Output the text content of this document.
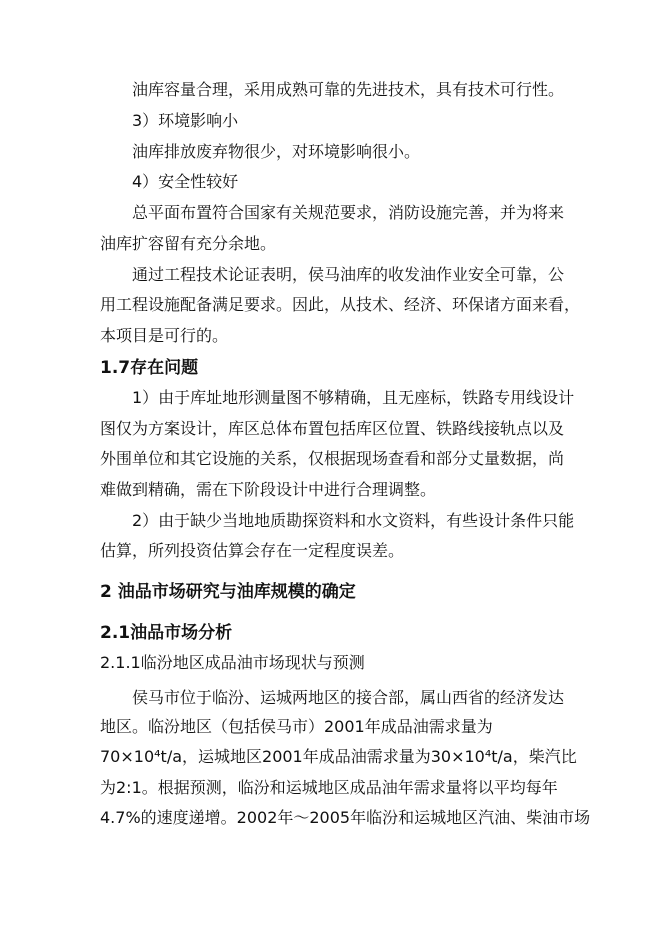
油库容量合理，采用成熟可靠的先进技术，具有技术可行性。

3）环境影响小

油库排放废弃物很少，对环境影响很小。

4）安全性较好

总平面布置符合国家有关规范要求，消防设施完善，并为将来

油库扩容留有充分余地。

通过工程技术论证表明，侯马油库的收发油作业安全可靠，公

用工程设施配备满足要求。因此，从技术、经济、环保诸方面来看，

本项目是可行的。

1.7存在问题

1）由于库址地形测量图不够精确，且无座标，铁路专用线设计

图仅为方案设计，库区总体布置包括库区位置、铁路线接轨点以及

外围单位和其它设施的关系，仅根据现场查看和部分丈量数据，尚

难做到精确，需在下阶段设计中进行合理调整。

2）由于缺少当地地质勘探资料和水文资料，有些设计条件只能

估算，所列投资估算会存在一定程度误差。

2 油品市场研究与油库规模的确定

2.1油品市场分析

2.1.1临汾地区成品油市场现状与预测

侯马市位于临汾、运城两地区的接合部，属山西省的经济发达

地区。临汾地区（包括侯马市）2001年成品油需求量为

70×10⁴t/a，运城地区2001年成品油需求量为30×10⁴t/a，柴汽比

为2:1。根据预测，临汾和运城地区成品油年需求量将以平均每年

4.7%的速度递增。2002年～2005年临汾和运城地区汽油、柴油市场
